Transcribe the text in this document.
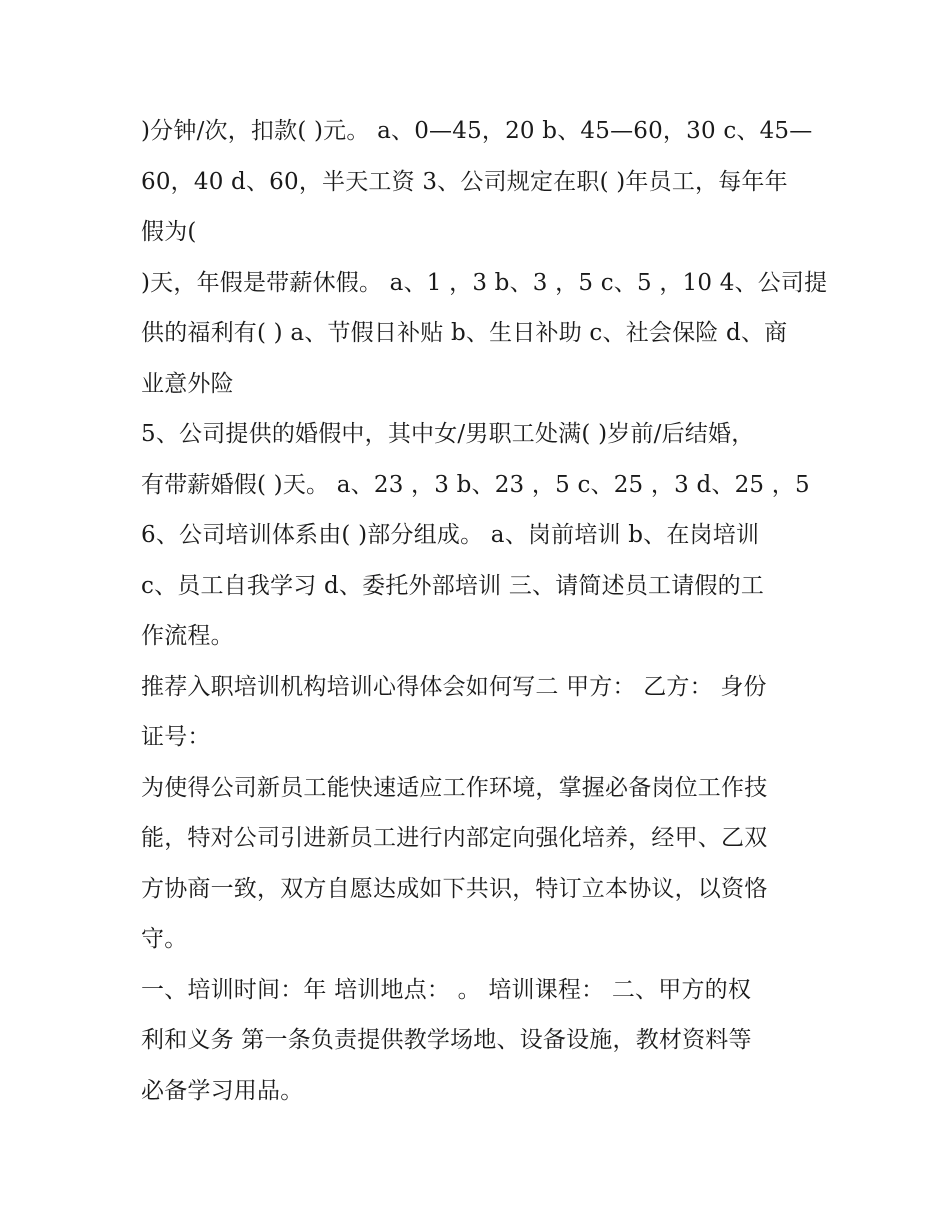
)分钟/次，扣款( )元。 a、0—45，20 b、45—60，30 c、45—
60，40 d、60，半天工资 3、公司规定在职( )年员工，每年年
假为(
)天，年假是带薪休假。 a、1 ，3 b、3 ，5 c、5 ，10 4、公司提
供的福利有( ) a、节假日补贴 b、生日补助 c、社会保险 d、商
业意外险
5、公司提供的婚假中，其中女/男职工处满( )岁前/后结婚，
有带薪婚假( )天。 a、23 ，3 b、23 ，5 c、25 ，3 d、25 ，5
6、公司培训体系由( )部分组成。 a、岗前培训 b、在岗培训
c、员工自我学习 d、委托外部培训 三、请简述员工请假的工
作流程。
推荐入职培训机构培训心得体会如何写二 甲方： 乙方： 身份
证号：
为使得公司新员工能快速适应工作环境，掌握必备岗位工作技
能，特对公司引进新员工进行内部定向强化培养，经甲、乙双
方协商一致，双方自愿达成如下共识，特订立本协议，以资恪
守。
一、培训时间：年 培训地点： 。 培训课程： 二、甲方的权
利和义务 第一条负责提供教学场地、设备设施，教材资料等
必备学习用品。
